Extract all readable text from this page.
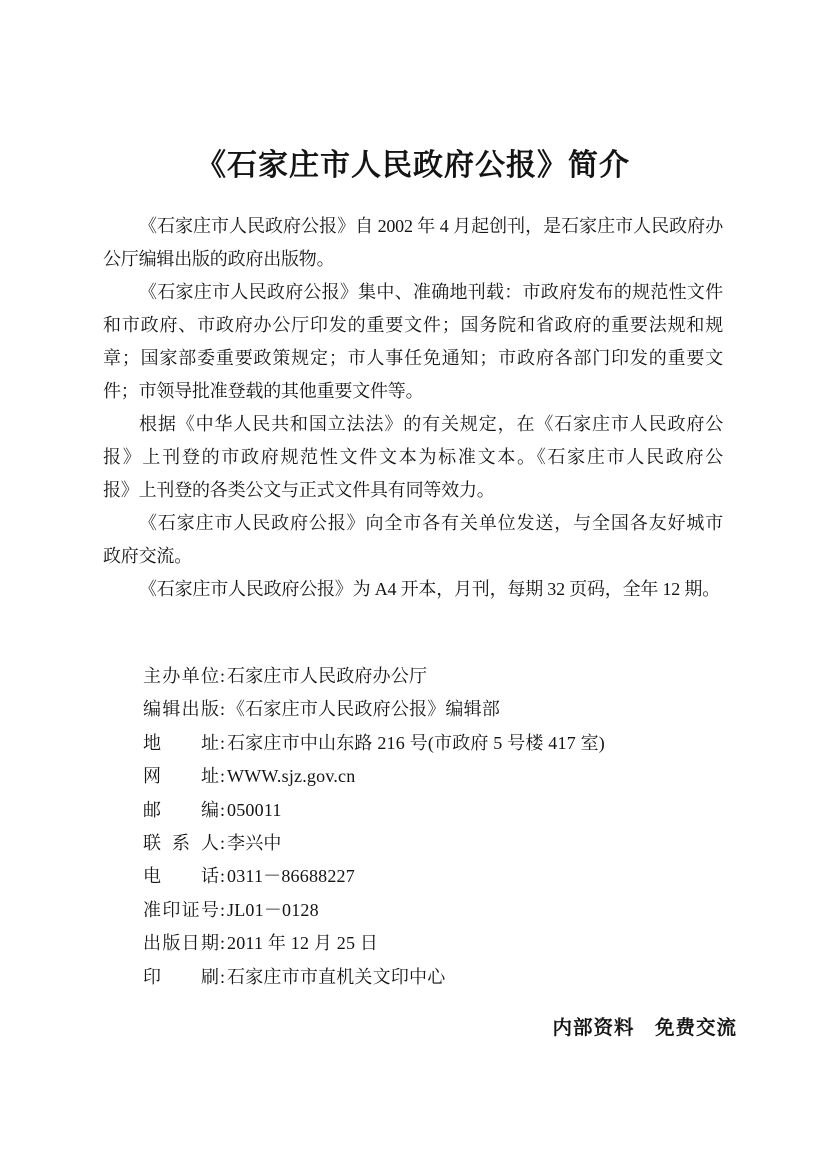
《石家庄市人民政府公报》简介
《石家庄市人民政府公报》自 2002 年 4 月起创刊，是石家庄市人民政府办
公厅编辑出版的政府出版物。
《石家庄市人民政府公报》集中、准确地刊载：市政府发布的规范性文件
和市政府、市政府办公厅印发的重要文件；国务院和省政府的重要法规和规
章；国家部委重要政策规定；市人事任免通知；市政府各部门印发的重要文
件；市领导批准登载的其他重要文件等。
根据《中华人民共和国立法法》的有关规定，在《石家庄市人民政府公
报》上刊登的市政府规范性文件文本为标准文本。《石家庄市人民政府公
报》上刊登的各类公文与正式文件具有同等效力。
《石家庄市人民政府公报》向全市各有关单位发送，与全国各友好城市
政府交流。
《石家庄市人民政府公报》为 A4 开本，月刊，每期 32 页码，全年 12 期。
主办单位: 石家庄市人民政府办公厅
编辑出版: 《石家庄市人民政府公报》编辑部
地址: 石家庄市中山东路 216 号(市政府 5 号楼 417 室)
网址: WWW.sjz.gov.cn
邮编: 050011
联系人: 李兴中
电话: 0311－86688227
准印证号: JL01－0128
出版日期: 2011 年 12 月 25 日
印刷: 石家庄市市直机关文印中心
内部资料　免费交流
